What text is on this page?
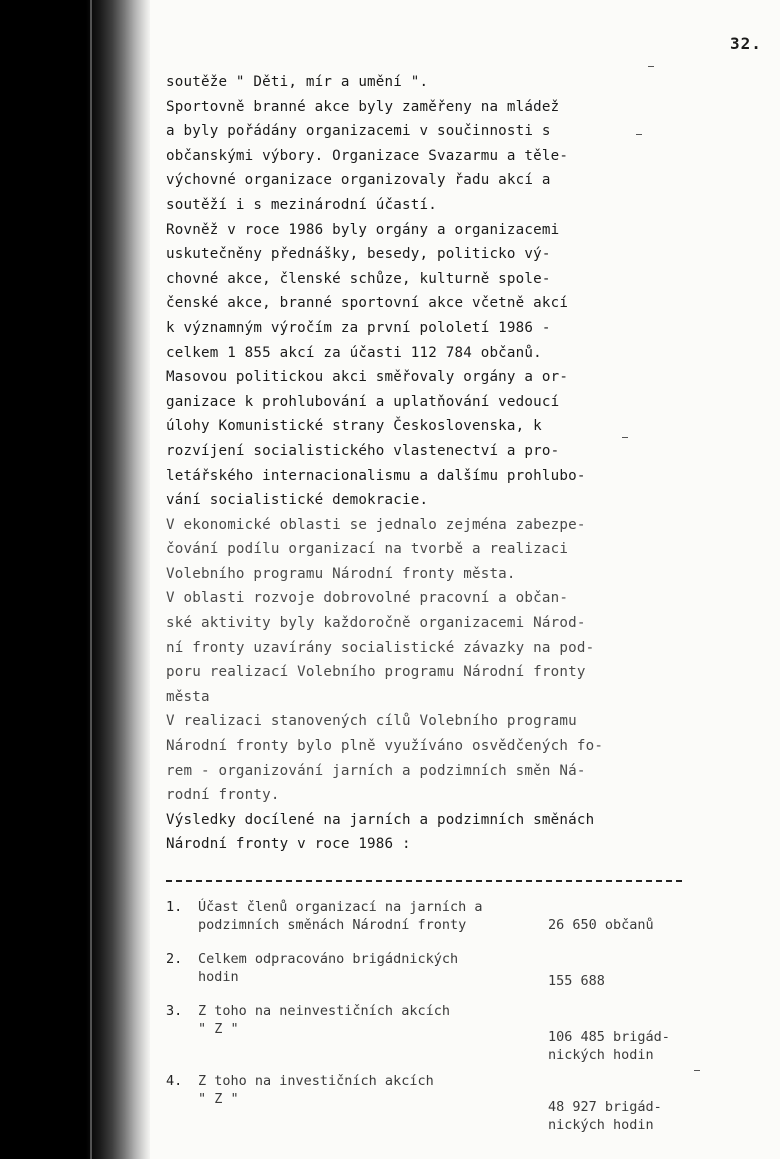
32.
soutěže " Děti, mír a umění ".
Sportovně branné akce byly zaměřeny na mládež
a byly pořádány organizacemi v součinnosti s
občanskými výbory. Organizace Svazarmu a těle-
výchovné organizace organizovaly řadu akcí a
soutěží i s mezinárodní účastí.
Rovněž v roce 1986 byly orgány a organizacemi
uskutečněny přednášky, besedy, politicko vý-
chovné akce, členské schůze, kulturně spole-
čenské akce, branné sportovní akce včetně akcí
k významným výročím za první pololetí 1986 -
celkem 1 855 akcí za účasti 112 784 občanů.
Masovou politickou akci směřovaly orgány a or-
ganizace k prohlubování a uplatňování vedoucí
úlohy Komunistické strany Československa, k
rozvíjení socialistického vlastenectví a pro-
letářského internacionalismu a dalšímu prohlubo-
vání socialistické demokracie.
V ekonomické oblasti se jednalo zejména zabezpe-
čování podílu organizací na tvorbě a realizaci
Volebního programu Národní fronty města.
V oblasti rozvoje dobrovolné pracovní a občan-
ské aktivity byly každoročně organizacemi Národ-
ní fronty uzavírány socialistické závazky na pod-
poru realizací Volebního programu Národní fronty
města
V realizaci stanovených cílů Volebního programu
Národní fronty bylo plně využíváno osvědčených fo-
rem - organizování jarních a podzimních směn Ná-
rodní fronty.
Výsledky docílené na jarních a podzimních směnách
Národní fronty v roce 1986 :
1.	Účast členů organizací na jarních a
podzimních směnách Národní fronty	26 650 občanů
2.	Celkem odpracováno brigádnických
hodin	155 688
3.	Z toho na neinvestičních akcích
" Z "	106 485 brigád-
nických hodin
4.	Z toho na investičních akcích
" Z "	48 927 brigád-
nických hodin
